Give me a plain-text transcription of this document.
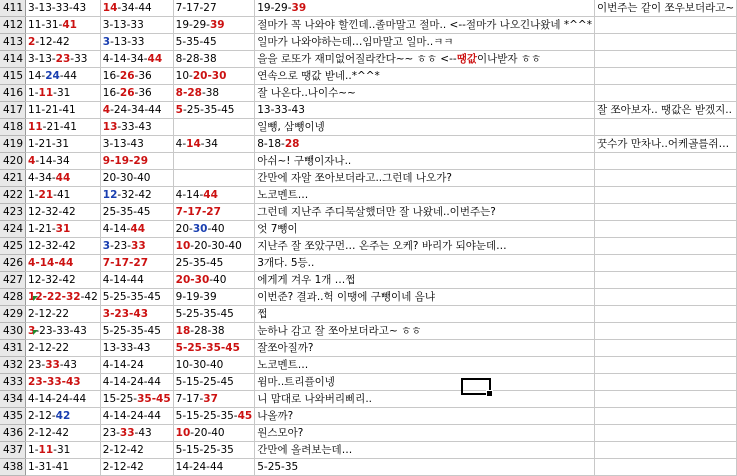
411	3-13-33-43	14-34-44	7-17-27	19-29-39	이번주는 같이 쪼우보더라고~
412	11-31-41	3-13-33	19-29-39	절마가 꼭 나와야 할낀데..졸마말고 절마.. <--절마가 나오긴나왔네 *^^*	
413	2-12-42	3-13-33	5-35-45	일마가 나와야하는데…임마말고 일마..ㅋㅋ	
414	3-13-23-33	4-14-34-44	8-28-38	을을 로또가 재미없어질라칸다~~ ㅎㅎ <--땡값이나받자 ㅎㅎ	
415	14-24-44	16-26-36	10-20-30	연속으로 땡값 받네..*^^*	
416	1-11-31	16-26-36	8-28-38	잘 나온다..나이수~~	
417	11-21-41	4-24-34-44	5-25-35-45	13-33-43	잘 쪼아보자.. 땡값은 받겠지..
418	11-21-41	13-33-43		일뺑, 삼뺑이넹	
419	1-21-31	3-13-43	4-14-34	8-18-28	꿋수가 만차나..어케골를쥐…
420	4-14-34	9-19-29		아쉬~! 구뺑이자나..	
421	4-34-44	20-30-40		간만에 자알 쪼아보더라고..그런데 나오가?	
422	1-21-41	12-32-42	4-14-44	노코멘트…	
423	12-32-42	25-35-45	7-17-27	그런데 지난주 주디묵살했더만 잘 나왔네..이번주는?	
424	1-21-31	4-14-44	20-30-40	엇 7뺑이	
425	12-32-42	3-23-33	10-20-30-40	지난주 잘 쪼았구먼… 온주는 오케? 바리가 되야눈데…	
426	4-14-44	7-17-27	25-35-45	3개다. 5등..	
427	12-32-42	4-14-44	20-30-40	에게게 겨우 1개 …쩝	
428	12-22-32-42	5-25-35-45	9-19-39	이번준? 결과..헉 이땡에 구뺑이네 음냐	
429	2-12-22	3-23-43	5-25-35-45	쩝	
430	3-23-33-43	5-25-35-45	18-28-38	눈하나 감고 잘 쪼아보더라고~ ㅎㅎ	
431	2-12-22	13-33-43	5-25-35-45	잘쪼아질까?	
432	23-33-43	4-14-24	10-30-40	노코멘트…	
433	23-33-43	4-14-24-44	5-15-25-45	윔마..트리플이넹	
434	4-14-24-44	15-25-35-45	7-17-37	니 맘대로 나와버리삐리..	
435	2-12-42	4-14-24-44	5-15-25-35-45	나올까?	
436	2-12-42	23-33-43	10-20-40	원스모아?	
437	1-11-31	2-12-42	5-15-25-35	간만에 올려보는데…	
438	1-31-41	2-12-42	14-24-44	5-25-35	
